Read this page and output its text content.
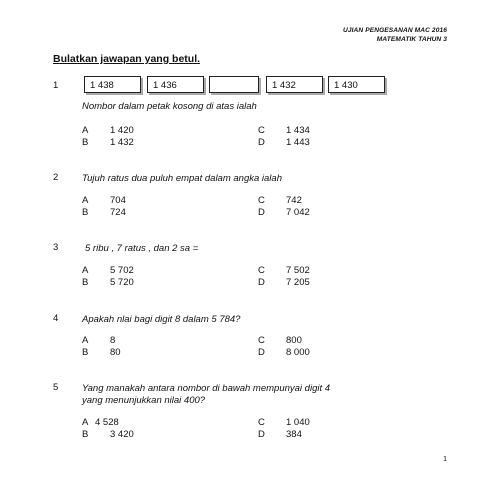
UJIAN PENGESANAN MAC 2016
MATEMATIK TAHUN 3
Bulatkan jawapan yang betul.
1	1 438	1 436	1 432	1 430
Nombor dalam petak kosong di atas ialah
A 1 420	C 1 434
B 1 432	D 1 443
2 Tujuh ratus dua puluh empat dalam angka ialah
A 704	C 742
B 724	D 7 042
3	5 ribu , 7 ratus , dan 2 sa =
A 5 702	C 7 502
B 5 720	D 7 205
4 Apakah nlai bagi digit 8 dalam 5 784?
A 8	C 800
B 80	D 8 000
5 Yang manakah antara nombor di bawah mempunyai digit 4
yang menunjukkan nilai 400?
A 4 528	C 1 040
B 3 420	D 384
1
